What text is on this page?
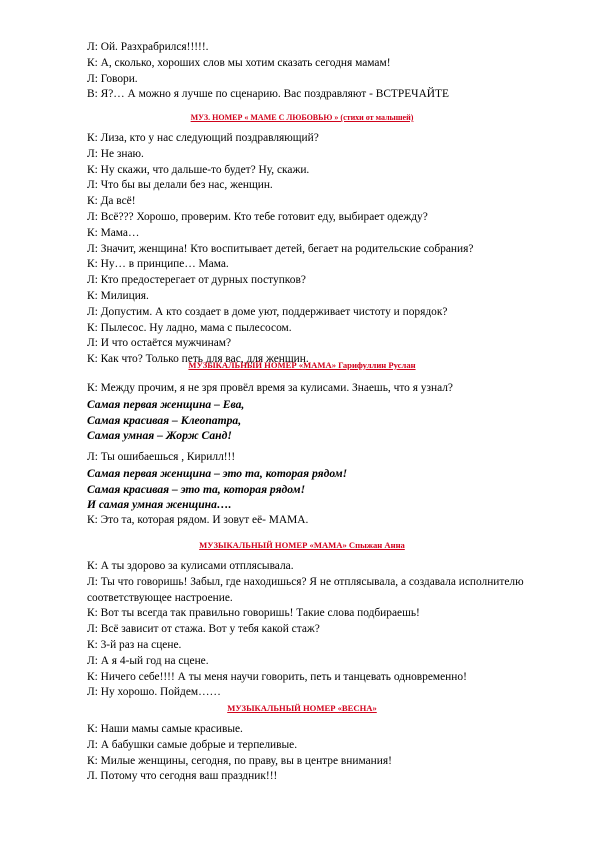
Л: Ой. Разхрабрился!!!!!.
К: А, сколько, хороших слов мы хотим сказать сегодня мамам!
Л: Говори.
В: Я?… А можно я лучше по сценарию. Вас поздравляют - ВСТРЕЧАЙТЕ
МУЗ. НОМЕР « МАМЕ С ЛЮБОВЬЮ » (стихи от малышей)
К: Лиза, кто у нас следующий поздравляющий?
Л: Не знаю.
К: Ну скажи, что дальше-то будет? Ну, скажи.
Л: Что бы вы делали без нас, женщин.
К: Да всё!
Л: Всё??? Хорошо, проверим. Кто тебе готовит еду, выбирает одежду?
К: Мама…
Л: Значит, женщина! Кто воспитывает детей, бегает на родительские собрания?
К: Ну… в принципе… Мама.
Л: Кто предостерегает от дурных поступков?
К: Милиция.
Л: Допустим. А кто создает в доме уют, поддерживает чистоту и порядок?
К: Пылесос. Ну ладно, мама с пылесосом.
Л: И что остаётся мужчинам?
К: Как что? Только петь для вас, для женщин.
МУЗЫКАЛЬНЫЙ НОМЕР «МАМА» Гарифуллин Руслан
К: Между прочим, я не зря провёл время за кулисами. Знаешь, что я узнал?
Самая первая женщина – Ева,
Самая красивая – Клеопатра,
Самая умная – Жорж Санд!
Л: Ты ошибаешься , Кирилл!!!
Самая первая женщина – это та, которая рядом!
Самая красивая – это та, которая рядом!
И самая умная женщина….
К: Это та, которая рядом. И зовут её- МАМА.
МУЗЫКАЛЬНЫЙ НОМЕР «МАМА» Спыжан Анна
К: А ты здорово за кулисами отплясывала.
Л: Ты что говоришь! Забыл, где находишься? Я не отплясывала, а создавала исполнителю
соответствующее настроение.
К: Вот ты всегда так правильно говоришь! Такие слова подбираешь!
Л: Всё зависит от стажа. Вот у тебя какой стаж?
К: 3-й раз на сцене.
Л: А я 4-ый год на сцене.
К: Ничего себе!!!! А ты меня научи говорить, петь и танцевать одновременно!
Л: Ну хорошо. Пойдем……
МУЗЫКАЛЬНЫЙ НОМЕР «ВЕСНА»
К: Наши мамы самые красивые.
Л: А бабушки самые добрые и терпеливые.
К: Милые женщины, сегодня, по праву, вы в центре внимания!
Л. Потому что сегодня ваш праздник!!!
